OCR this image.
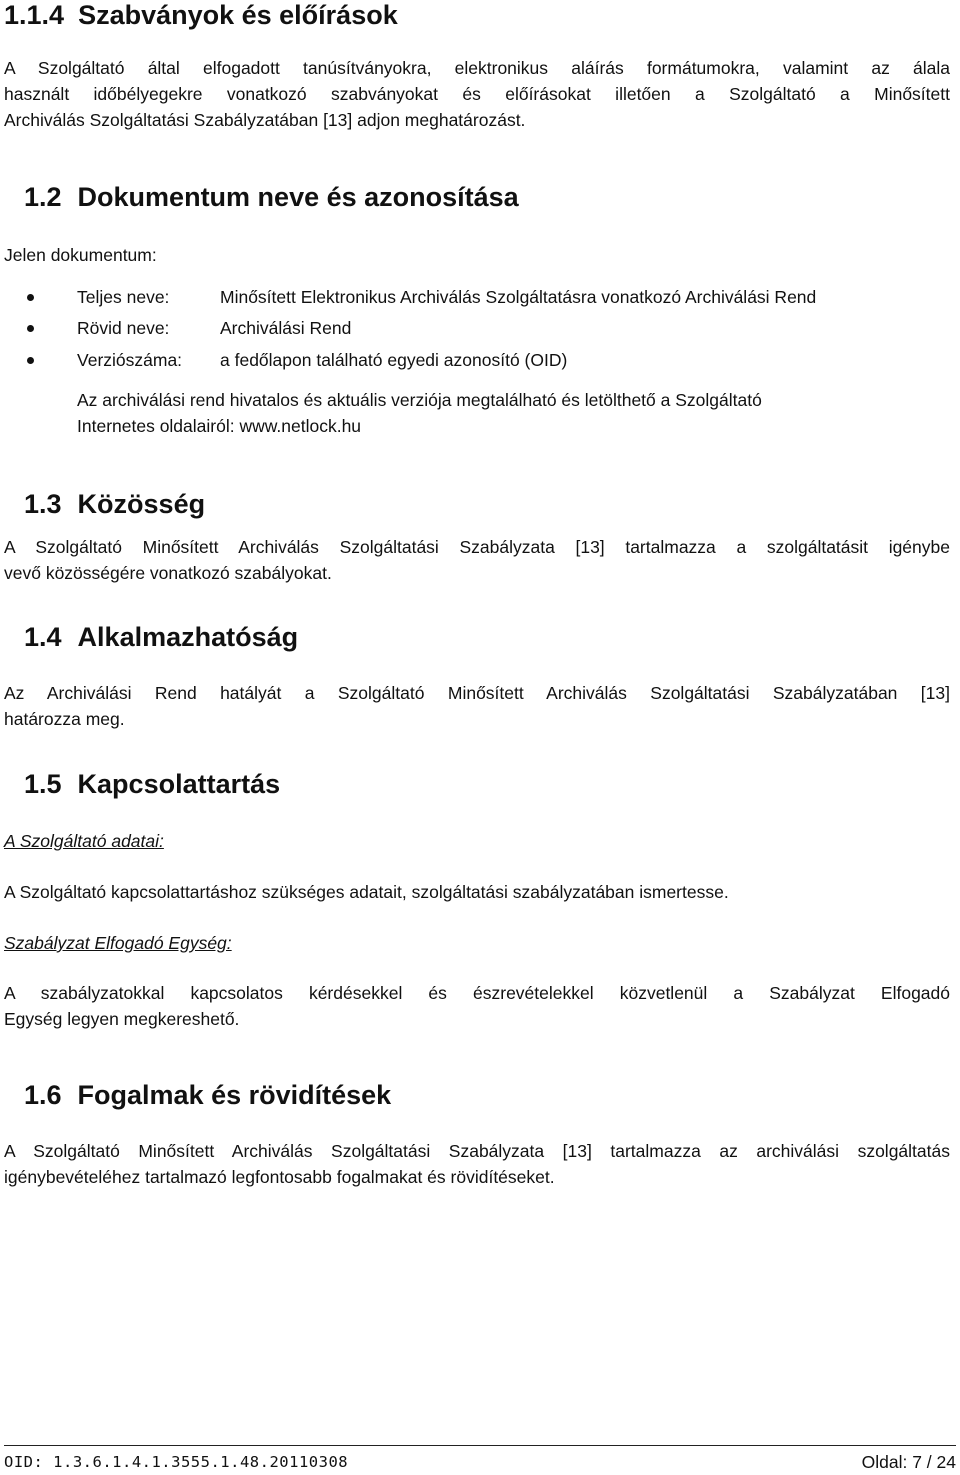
1.1.4 Szabványok és előírások

A Szolgáltató által elfogadott tanúsítványokra, elektronikus aláírás formátumokra, valamint az álala
használt időbélyegekre vonatkozó szabványokat és előírásokat illetően a Szolgáltató a Minősített
Archiválás Szolgáltatási Szabályzatában [13] adjon meghatározást.

1.2 Dokumentum neve és azonosítása

Jelen dokumentum:

Teljes neve:	Minősített Elektronikus Archiválás Szolgáltatásra vonatkozó Archiválási Rend
Rövid neve:	Archiválási Rend
Verziószáma: a fedőlapon található egyedi azonosító (OID)

Az archiválási rend hivatalos és aktuális verziója megtalálható és letölthető a Szolgáltató
Internetes oldalairól: www.netlock.hu

1.3 Közösség

A Szolgáltató Minősített Archiválás Szolgáltatási Szabályzata [13] tartalmazza a szolgáltatásit igénybe
vevő közösségére vonatkozó szabályokat.

1.4 Alkalmazhatóság

Az Archiválási Rend hatályát a Szolgáltató Minősített Archiválás Szolgáltatási Szabályzatában [13]
határozza meg.

1.5 Kapcsolattartás

A Szolgáltató adatai:

A Szolgáltató kapcsolattartáshoz szükséges adatait, szolgáltatási szabályzatában ismertesse.

Szabályzat Elfogadó Egység:

A szabályzatokkal kapcsolatos kérdésekkel és észrevételekkel közvetlenül a Szabályzat Elfogadó
Egység legyen megkereshető.

1.6 Fogalmak és rövidítések

A Szolgáltató Minősített Archiválás Szolgáltatási Szabályzata [13] tartalmazza az archiválási szolgáltatás
igénybevételéhez tartalmazó legfontosabb fogalmakat és rövidítéseket.

OID: 1.3.6.1.4.1.3555.1.48.20110308	Oldal: 7 / 24
